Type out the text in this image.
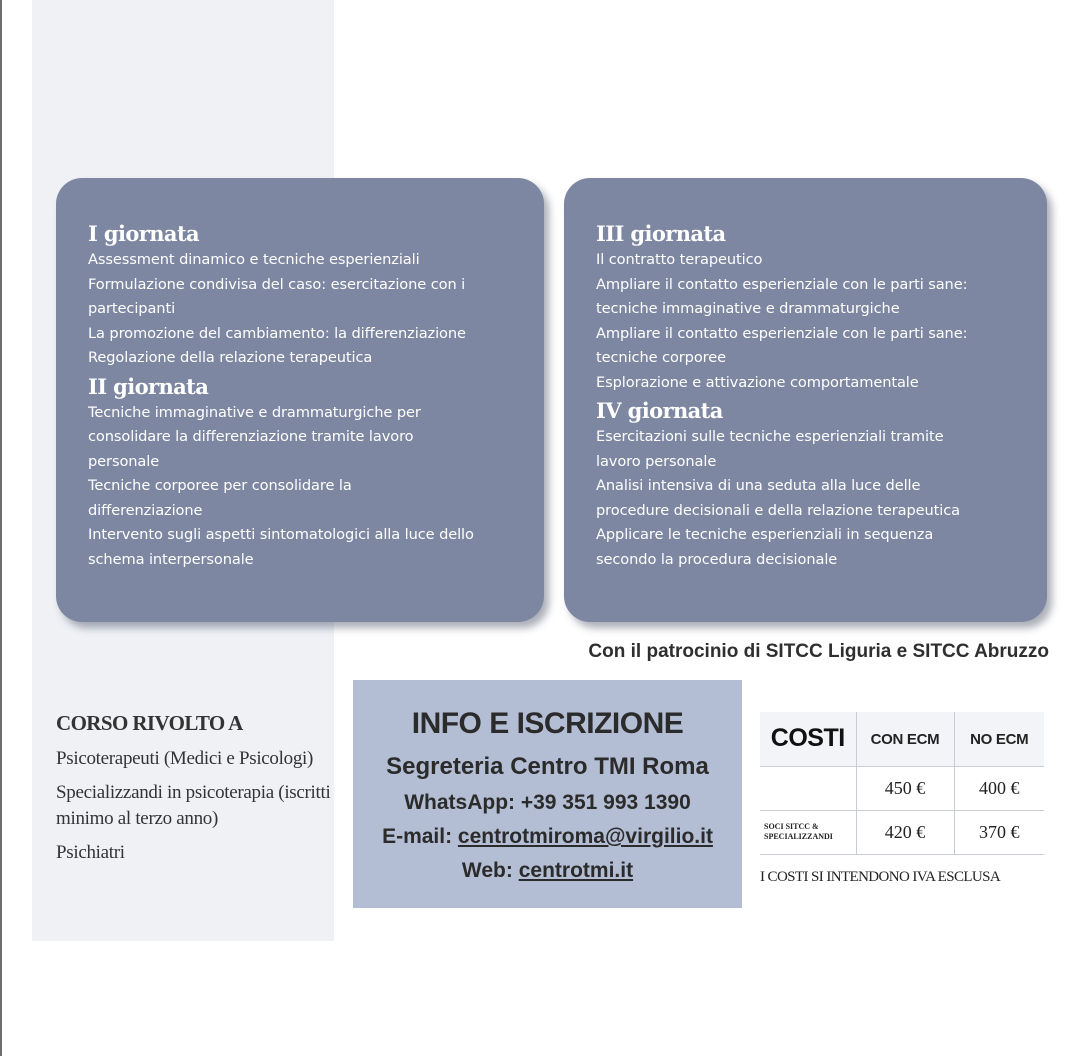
I giornata
Assessment dinamico e tecniche esperienziali
Formulazione condivisa del caso: esercitazione con i
partecipanti
La promozione del cambiamento: la differenziazione
Regolazione della relazione terapeutica
II giornata
Tecniche immaginative e drammaturgiche per
consolidare la differenziazione tramite lavoro
personale
Tecniche corporee per consolidare la
differenziazione
Intervento sugli aspetti sintomatologici alla luce dello
schema interpersonale
III giornata
Il contratto terapeutico
Ampliare il contatto esperienziale con le parti sane:
tecniche immaginative e drammaturgiche
Ampliare il contatto esperienziale con le parti sane:
tecniche corporee
Esplorazione e attivazione comportamentale
IV giornata
Esercitazioni sulle tecniche esperienziali tramite
lavoro personale
Analisi intensiva di una seduta alla luce delle
procedure decisionali e della relazione terapeutica
Applicare le tecniche esperienziali in sequenza
secondo la procedura decisionale
Con il patrocinio di SITCC Liguria e SITCC Abruzzo
CORSO RIVOLTO A
Psicoterapeuti (Medici e Psicologi)
Specializzandi in psicoterapia (iscritti minimo al terzo anno)
Psichiatri
INFO E ISCRIZIONE
Segreteria Centro TMI Roma
WhatsApp: +39 351 993 1390
E-mail: centrotmiroma@virgilio.it
Web: centrotmi.it
COSTI	CON ECM	NO ECM
	450 €	400 €
SOCI SITCC & SPECIALIZZANDI	420 €	370 €
I COSTI SI INTENDONO IVA ESCLUSA
